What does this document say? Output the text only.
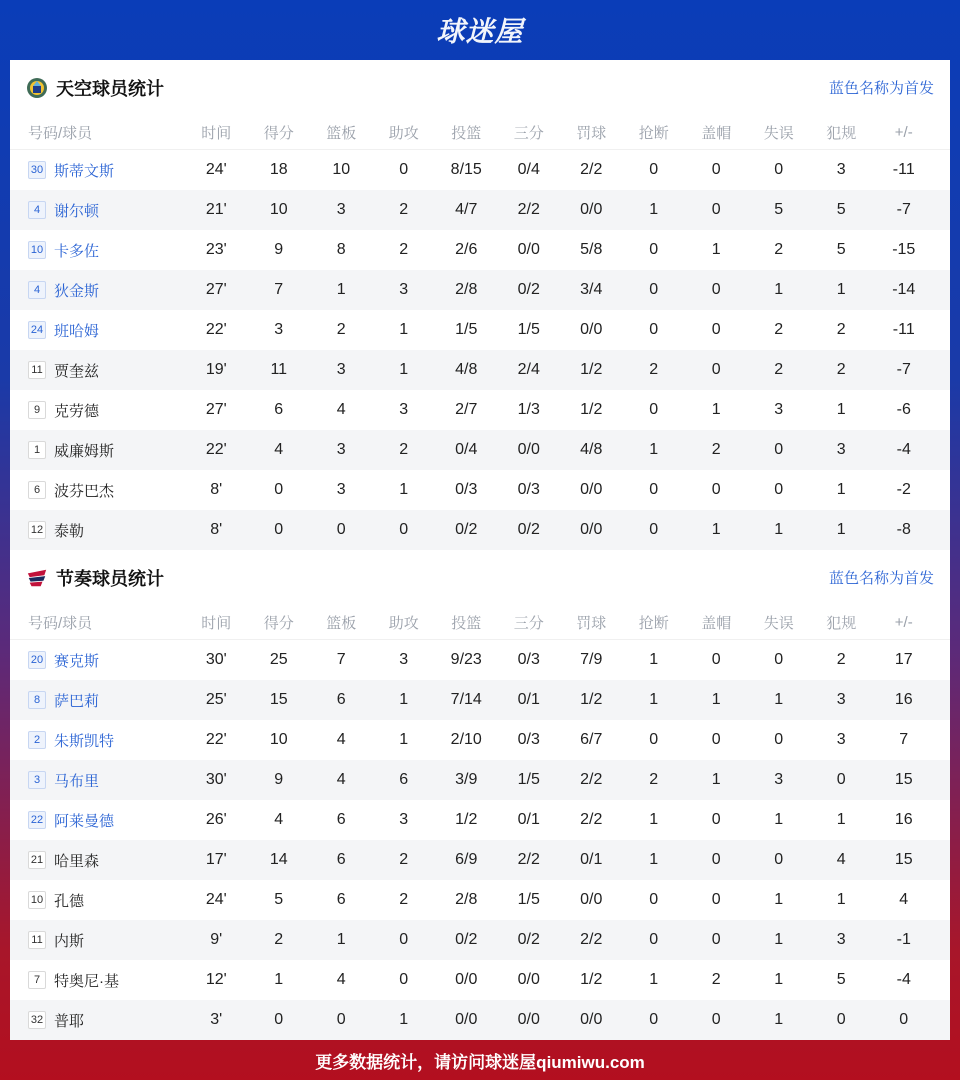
球迷屋
天空球员统计	蓝色名称为首发
号码/球员	时间	得分	篮板	助攻	投篮	三分	罚球	抢断	盖帽	失误	犯规	+/-
30 斯蒂文斯	24'	18	10	0	8/15	0/4	2/2	0	0	0	3	-11
4 谢尔顿	21'	10	3	2	4/7	2/2	0/0	1	0	5	5	-7
10 卡多佐	23'	9	8	2	2/6	0/0	5/8	0	1	2	5	-15
4 狄金斯	27'	7	1	3	2/8	0/2	3/4	0	0	1	1	-14
24 班哈姆	22'	3	2	1	1/5	1/5	0/0	0	0	2	2	-11
11 贾奎兹	19'	11	3	1	4/8	2/4	1/2	2	0	2	2	-7
9 克劳德	27'	6	4	3	2/7	1/3	1/2	0	1	3	1	-6
1 威廉姆斯	22'	4	3	2	0/4	0/0	4/8	1	2	0	3	-4
6 波芬巴杰	8'	0	3	1	0/3	0/3	0/0	0	0	0	1	-2
12 泰勒	8'	0	0	0	0/2	0/2	0/0	0	1	1	1	-8
节奏球员统计	蓝色名称为首发
号码/球员	时间	得分	篮板	助攻	投篮	三分	罚球	抢断	盖帽	失误	犯规	+/-
20 赛克斯	30'	25	7	3	9/23	0/3	7/9	1	0	0	2	17
8 萨巴莉	25'	15	6	1	7/14	0/1	1/2	1	1	1	3	16
2 朱斯凯特	22'	10	4	1	2/10	0/3	6/7	0	0	0	3	7
3 马布里	30'	9	4	6	3/9	1/5	2/2	2	1	3	0	15
22 阿莱曼德	26'	4	6	3	1/2	0/1	2/2	1	0	1	1	16
21 哈里森	17'	14	6	2	6/9	2/2	0/1	1	0	0	4	15
10 孔德	24'	5	6	2	2/8	1/5	0/0	0	0	1	1	4
11 内斯	9'	2	1	0	0/2	0/2	2/2	0	0	1	3	-1
7 特奥尼·基	12'	1	4	0	0/0	0/0	1/2	1	2	1	5	-4
32 普耶	3'	0	0	1	0/0	0/0	0/0	0	0	1	0	0
更多数据统计，请访问球迷屋qiumiwu.com
